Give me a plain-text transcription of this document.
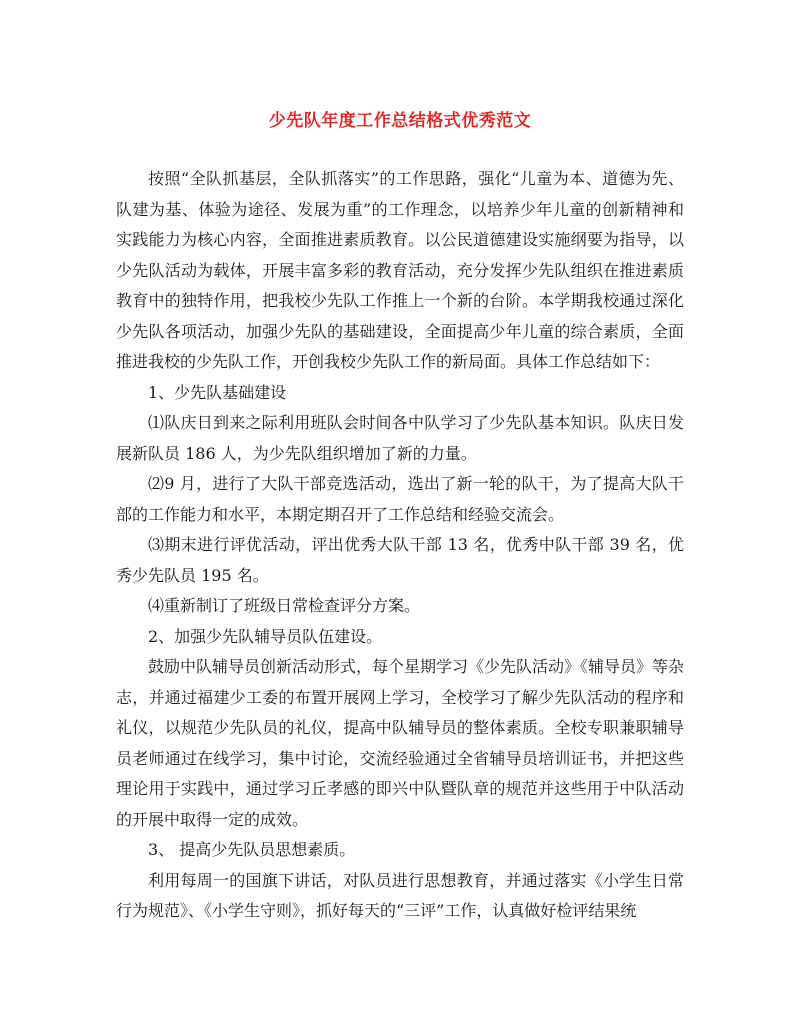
少先队年度工作总结格式优秀范文

按照“全队抓基层，全队抓落实”的工作思路，强化“儿童为本、道德为先、队建为基、体验为途径、发展为重”的工作理念，以培养少年儿童的创新精神和实践能力为核心内容，全面推进素质教育。以公民道德建设实施纲要为指导，以少先队活动为载体，开展丰富多彩的教育活动，充分发挥少先队组织在推进素质教育中的独特作用，把我校少先队工作推上一个新的台阶。本学期我校通过深化少先队各项活动，加强少先队的基础建设，全面提高少年儿童的综合素质，全面推进我校的少先队工作，开创我校少先队工作的新局面。具体工作总结如下：

1、少先队基础建设

⑴队庆日到来之际利用班队会时间各中队学习了少先队基本知识。队庆日发展新队员 186 人，为少先队组织增加了新的力量。

⑵9 月，进行了大队干部竞选活动，选出了新一轮的队干，为了提高大队干部的工作能力和水平，本期定期召开了工作总结和经验交流会。

⑶期末进行评优活动，评出优秀大队干部 13 名，优秀中队干部 39 名，优秀少先队员 195 名。

⑷重新制订了班级日常检查评分方案。

2、加强少先队辅导员队伍建设。

鼓励中队辅导员创新活动形式，每个星期学习《少先队活动》《辅导员》等杂志，并通过福建少工委的布置开展网上学习，全校学习了解少先队活动的程序和礼仪，以规范少先队员的礼仪，提高中队辅导员的整体素质。全校专职兼职辅导员老师通过在线学习，集中讨论，交流经验通过全省辅导员培训证书，并把这些理论用于实践中，通过学习丘孝感的即兴中队暨队章的规范并这些用于中队活动的开展中取得一定的成效。

3、 提高少先队员思想素质。

利用每周一的国旗下讲话，对队员进行思想教育，并通过落实《小学生日常行为规范》、《小学生守则》，抓好每天的“三评”工作，认真做好检评结果统
